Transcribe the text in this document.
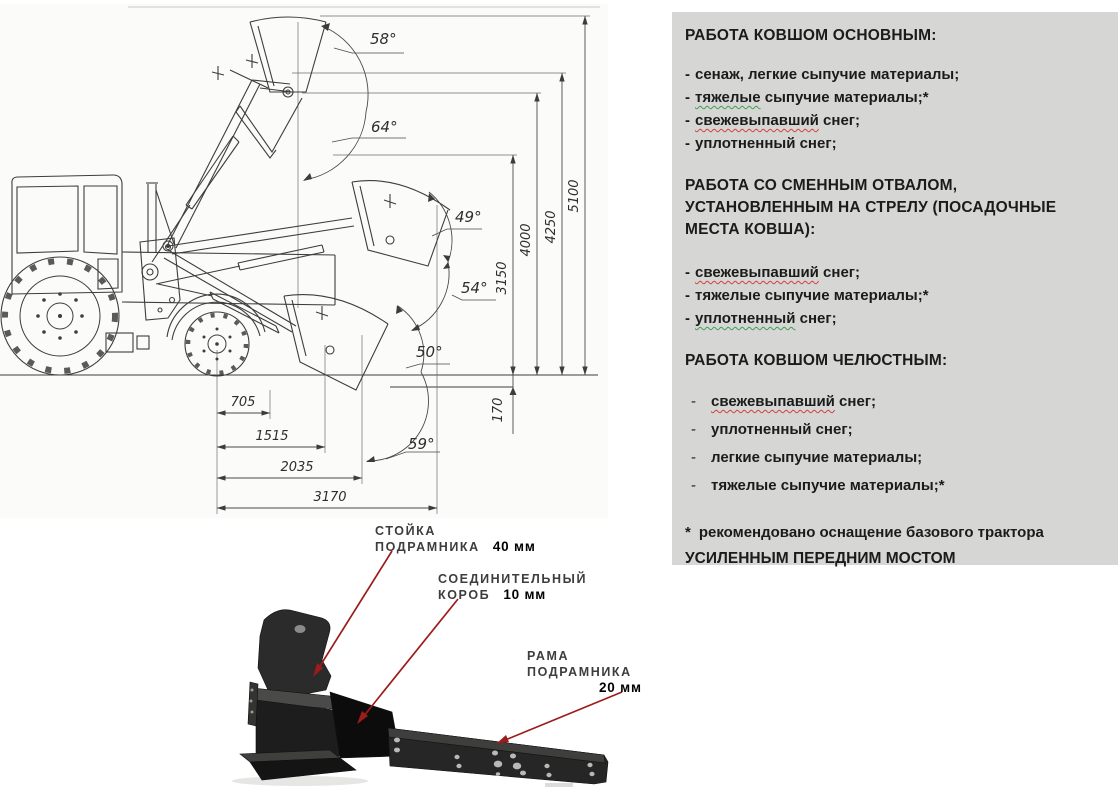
5100
4250
4000
3150
170
705
1515
2035
3170
58°
64°
49°
54°
50°
59°
СТОЙКА
ПОДРАМНИКА 40 мм
СОЕДИНИТЕЛЬНЫЙ
КОРОБ 10 мм
РАМА
ПОДРАМНИКА
20 мм
РАБОТА КОВШОМ ОСНОВНЫМ:
- сенаж, легкие сыпучие материалы;
- тяжелые сыпучие материалы;*
- свежевыпавший снег;
- уплотненный снег;
РАБОТА СО СМЕННЫМ ОТВАЛОМ, УСТАНОВЛЕННЫМ НА СТРЕЛУ (ПОСАДОЧНЫЕ МЕСТА КОВША):
- свежевыпавший снег;
- тяжелые сыпучие материалы;*
- уплотненный снег;
РАБОТА КОВШОМ ЧЕЛЮСТНЫМ:
- свежевыпавший снег;
- уплотненный снег;
- легкие сыпучие материалы;
- тяжелые сыпучие материалы;*
* рекомендовано оснащение базового трактора
УСИЛЕННЫМ ПЕРЕДНИМ МОСТОМ
